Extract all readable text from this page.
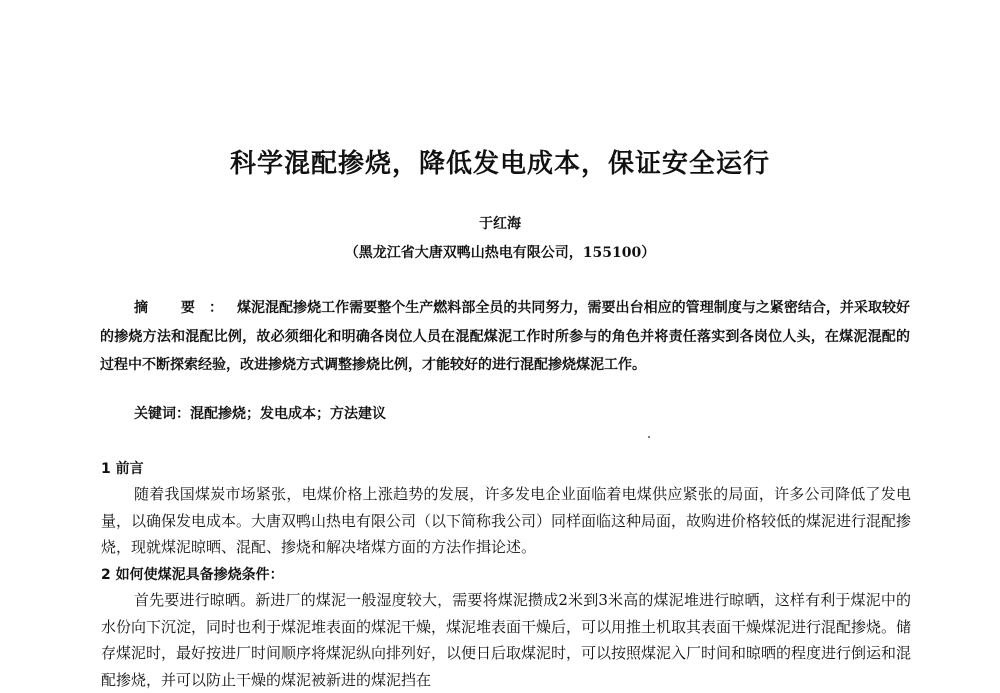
科学混配掺烧，降低发电成本，保证安全运行
于红海
（黑龙江省大唐双鸭山热电有限公司，155100）
摘 要：煤泥混配掺烧工作需要整个生产燃料部全员的共同努力，需要出台相应的管理制度与之紧密结合，并采取较好的掺烧方法和混配比例，故必须细化和明确各岗位人员在混配煤泥工作时所参与的角色并将责任落实到各岗位人头，在煤泥混配的过程中不断探索经验，改进掺烧方式调整掺烧比例，才能较好的进行混配掺烧煤泥工作。
关键词：混配掺烧；发电成本；方法建议
1 前言
随着我国煤炭市场紧张，电煤价格上涨趋势的发展，许多发电企业面临着电煤供应紧张的局面，许多公司降低了发电量，以确保发电成本。大唐双鸭山热电有限公司（以下简称我公司）同样面临这种局面，故购进价格较低的煤泥进行混配掺烧，现就煤泥晾晒、混配、掺烧和解决堵煤方面的方法作揖论述。
2 如何使煤泥具备掺烧条件：
首先要进行晾晒。新进厂的煤泥一般湿度较大，需要将煤泥攒成2米到3米高的煤泥堆进行晾晒，这样有利于煤泥中的水份向下沉淀，同时也利于煤泥堆表面的煤泥干燥，煤泥堆表面干燥后，可以用推土机取其表面干燥煤泥进行混配掺烧。储存煤泥时，最好按进厂时间顺序将煤泥纵向排列好，以便日后取煤泥时，可以按照煤泥入厂时间和晾晒的程度进行倒运和混配掺烧，并可以防止干燥的煤泥被新进的煤泥挡在
